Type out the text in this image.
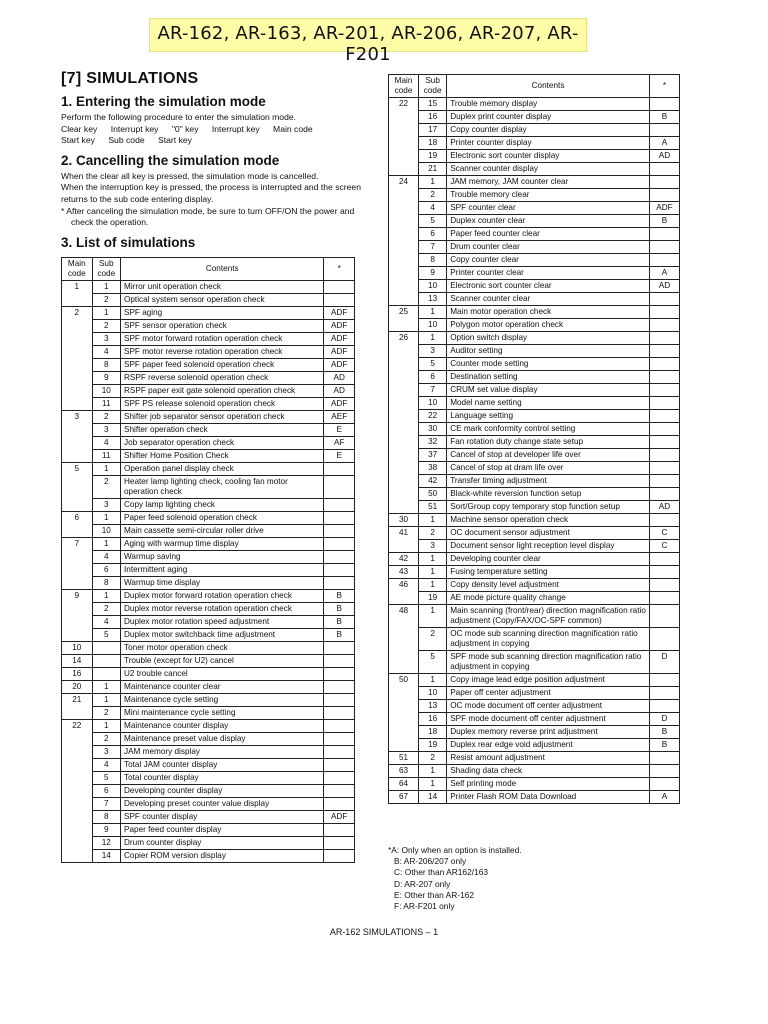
AR-162, AR-163, AR-201, AR-206, AR-207, AR-F201
[7] SIMULATIONS
1. Entering the simulation mode

Perform the following procedure to enter the simulation mode.

Clear key Interrupt key "0" key Interrupt key Main code
Start key Sub code Start key
2. Cancelling the simulation mode

When the clear all key is pressed, the simulation mode is cancelled.

When the interruption key is pressed, the process is interrupted and the screen returns to the sub code entering display.

* After canceling the simulation mode, be sure to turn OFF/ON the power and check the operation.

3. List of simulations
Main code	Sub code	Contents	*
1	1	Mirror unit operation check	
	2	Optical system sensor operation check	
2	1	SPF aging	ADF
	2	SPF sensor operation check	ADF
	3	SPF motor forward rotation operation check	ADF
	4	SPF motor reverse rotation operation check	ADF
	8	SPF paper feed solenoid operation check	ADF
	9	RSPF reverse solenoid operation check	AD
	10	RSPF paper exit gate solenoid operation check	AD
	11	SPF PS release solenoid operation check	ADF
3	2	Shifter job separator sensor operation check	AEF
	3	Shifter operation check	E
	4	Job separator operation check	AF
	11	Shifter Home Position Check	E
5	1	Operation panel display check	
	2	Heater lamp lighting check, cooling fan motor operation check	
	3	Copy lamp lighting check	
6	1	Paper feed solenoid operation check	
	10	Main cassette semi-circular roller drive	
7	1	Aging with warmup time display	
	4	Warmup saving	
	6	Intermittent aging	
	8	Warmup time display	
9	1	Duplex motor forward rotation operation check	B
	2	Duplex motor reverse rotation operation check	B
	4	Duplex motor rotation speed adjustment	B
	5	Duplex motor switchback time adjustment	B
10		Toner motor operation check	
14		Trouble (except for U2) cancel	
16		U2 trouble cancel	
20	1	Maintenance counter clear	
21	1	Maintenance cycle setting	
	2	Mini maintenance cycle setting	
22	1	Maintenance counter display	
	2	Maintenance preset value display	
	3	JAM memory display	
	4	Total JAM counter display	
	5	Total counter display	
	6	Developing counter display	
	7	Developing preset counter value display	
	8	SPF counter display	ADF
	9	Paper feed counter display	
	12	Drum counter display	
	14	Copier ROM version display	
Main code	Sub code	Contents	*
22	15	Trouble memory display	
	16	Duplex print counter display	B
	17	Copy counter display	
	18	Printer counter display	A
	19	Electronic sort counter display	AD
	21	Scanner counter display	
24	1	JAM memory, JAM counter clear	
	2	Trouble memory clear	
	4	SPF counter clear	ADF
	5	Duplex counter clear	B
	6	Paper feed counter clear	
	7	Drum counter clear	
	8	Copy counter clear	
	9	Printer counter clear	A
	10	Electronic sort counter clear	AD
	13	Scanner counter clear	
25	1	Main motor operation check	
	10	Polygon motor operation check	
26	1	Option switch display	
	3	Auditor setting	
	5	Counter mode setting	
	6	Destination setting	
	7	CRUM set value display	
	10	Model name setting	
	22	Language setting	
	30	CE mark conformity control setting	
	32	Fan rotation duty change state setup	
	37	Cancel of stop at developer life over	
	38	Cancel of stop at dram life over	
	42	Transfer timing adjustment	
	50	Black-white reversion function setup	
	51	Sort/Group copy temporary stop function setup	AD
30	1	Machine sensor operation check	
41	2	OC document sensor adjustment	C
	3	Document sensor light reception level display	C
42	1	Developing counter clear	
43	1	Fusing temperature setting	
46	1	Copy density level adjustment	
	19	AE mode picture quality change	
48	1	Main scanning (front/rear) direction magnification ratio adjustment (Copy/FAX/OC-SPF common)	
	2	OC mode sub scanning direction magnification ratio adjustment in copying	
	5	SPF mode sub scanning direction magnification ratio adjustment in copying	D
50	1	Copy image lead edge position adjustment	
	10	Paper off center adjustment	
	13	OC mode document off center adjustment	
	16	SPF mode document off center adjustment	D
	18	Duplex memory reverse print adjustment	B
	19	Duplex rear edge void adjustment	B
51	2	Resist amount adjustment	
63	1	Shading data check	
64	1	Self printing mode	
67	14	Printer Flash ROM Data Download	A
*A: Only when an option is installed.
B: AR-206/207 only
C: Other than AR162/163
D: AR-207 only
E: Other than AR-162
F: AR-F201 only
AR-162 SIMULATIONS – 1
